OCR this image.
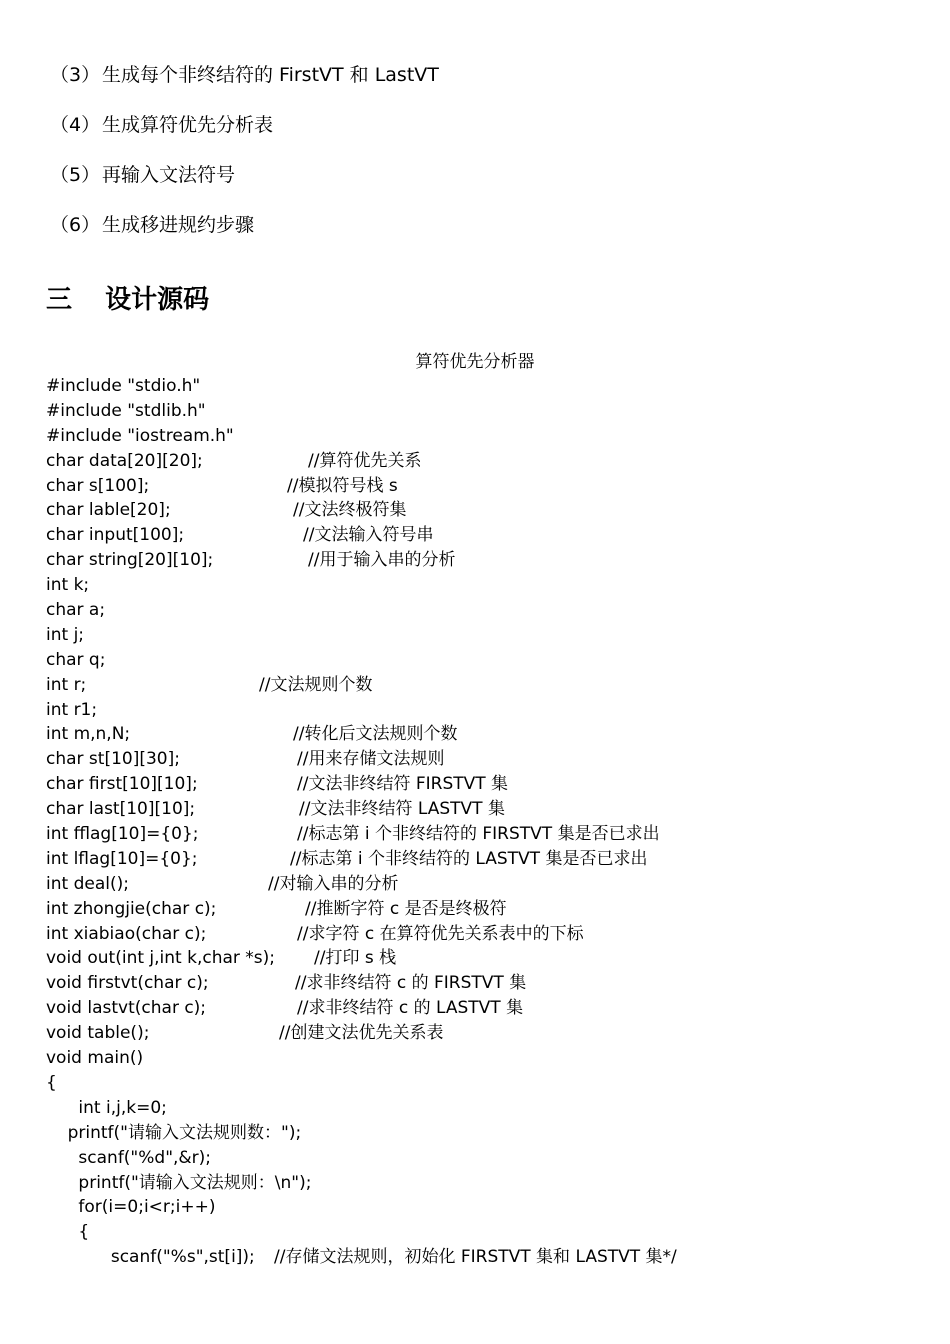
（3） 生成每个非终结符的 FirstVT 和 LastVT
（4） 生成算符优先分析表
（5） 再输入文法符号
（6） 生成移进规约步骤
三 设计源码
算符优先分析器
#include "stdio.h"
#include "stdlib.h"
#include "iostream.h"
char data[20][20];	//算符优先关系
char s[100];	//模拟符号栈 s
char lable[20];	//文法终极符集
char input[100];	//文法输入符号串
char string[20][10];	//用于输入串的分析
int k;
char a;
int j;
char q;
int r;	//文法规则个数
int r1;
int m,n,N;	//转化后文法规则个数
char st[10][30];	//用来存储文法规则
char first[10][10];	//文法非终结符 FIRSTVT 集
char last[10][10];	//文法非终结符 LASTVT 集
int fflag[10]={0};	//标志第 i 个非终结符的 FIRSTVT 集是否已求出
int lflag[10]={0};	//标志第 i 个非终结符的 LASTVT 集是否已求出
int deal();	//对输入串的分析
int zhongjie(char c);	//推断字符 c 是否是终极符
int xiabiao(char c);	//求字符 c 在算符优先关系表中的下标
void out(int j,int k,char *s); //打印 s 栈
void firstvt(char c);	//求非终结符 c 的 FIRSTVT 集
void lastvt(char c);	//求非终结符 c 的 LASTVT 集
void table();	//创建文法优先关系表
void main()
{
int i,j,k=0;
printf("请输入文法规则数：");
scanf("%d",&r);
printf("请输入文法规则：\n");
for(i=0;i<r;i++)
{
scanf("%s",st[i]); //存储文法规则，初始化 FIRSTVT 集和 LASTVT 集*/
